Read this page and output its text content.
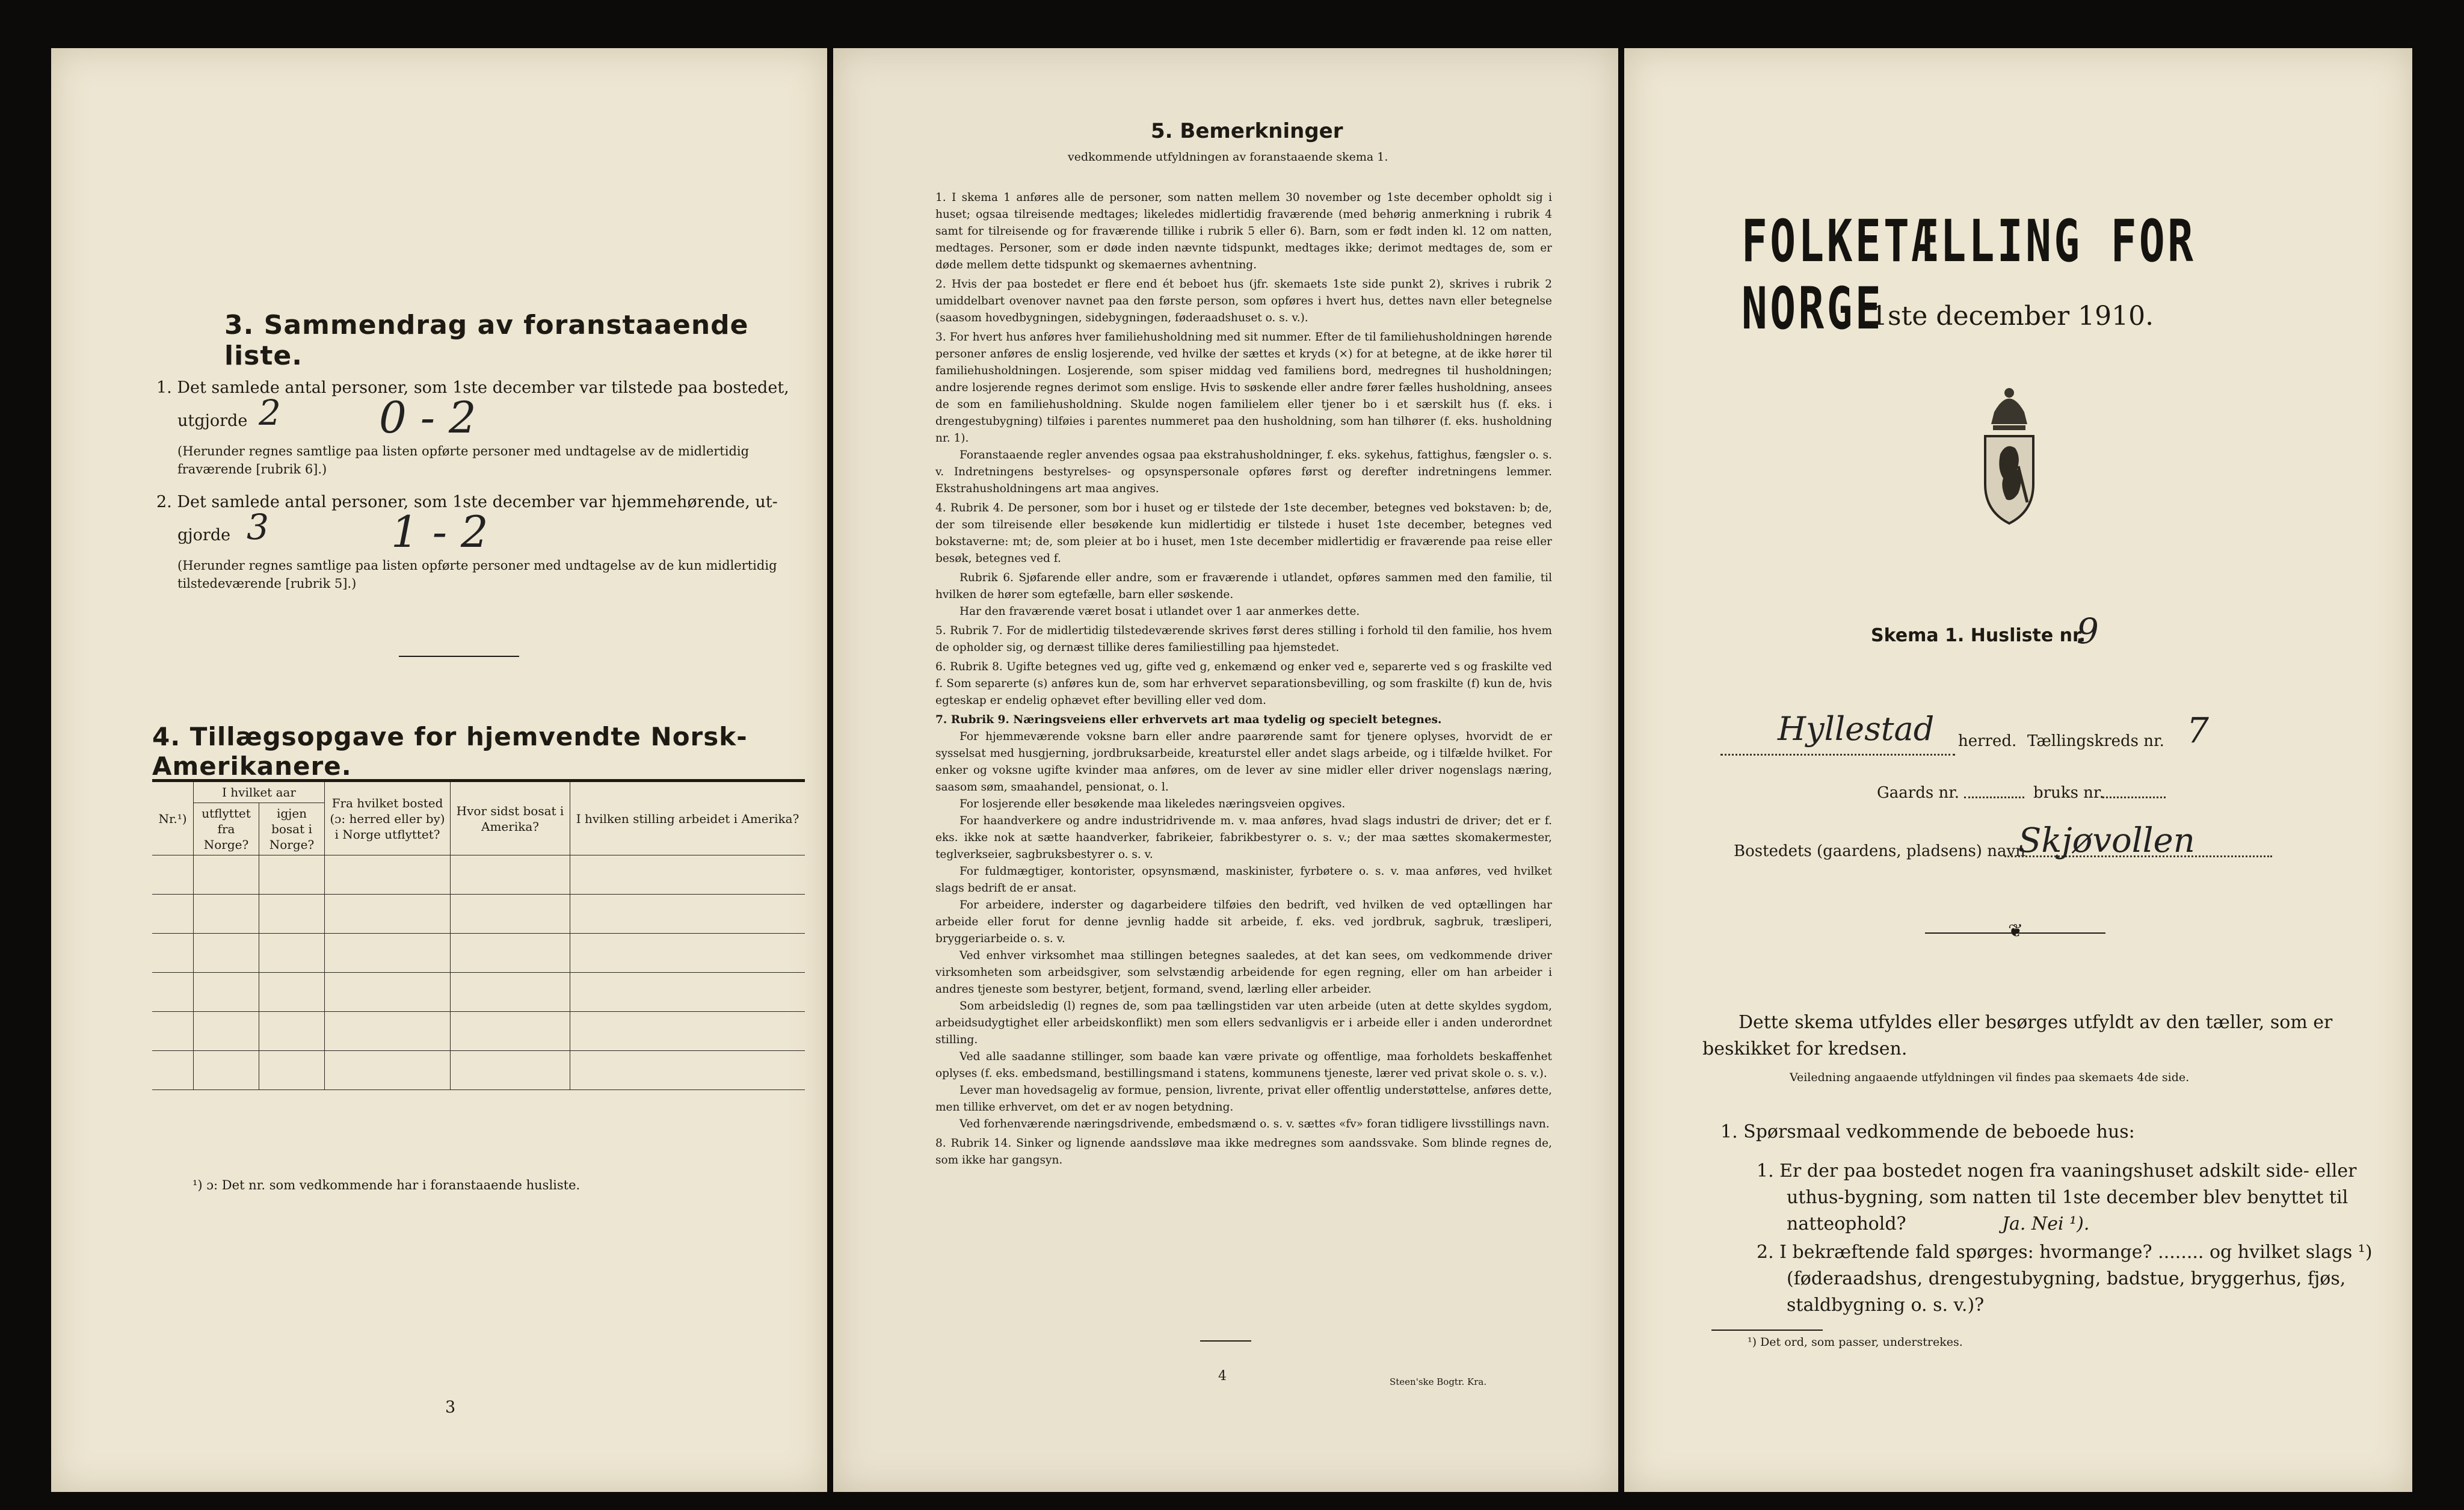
3. Sammendrag av foranstaaende liste.
1. Det samlede antal personer, som 1ste december var tilstede paa bostedet,
utgjorde 2 0 - 2
(Herunder regnes samtlige paa listen opførte personer med undtagelse av de midlertidig fraværende [rubrik 6].)
2. Det samlede antal personer, som 1ste december var hjemmehørende, ut-
gjorde 3	1 - 2
(Herunder regnes samtlige paa listen opførte personer med undtagelse av de kun midlertidig tilstedeværende [rubrik 5].)
4. Tillægsopgave for hjemvendte Norsk-Amerikanere.
Nr.¹)	I hvilket aar		Fra hvilket bosted (ɔ: herred eller by) i Norge utflyttet?	Hvor sidst bosat i Amerika?	I hvilken stilling arbeidet i Amerika?
	utflyttet fra Norge?	igjen bosat i Norge?			

¹) ɔ: Det nr. som vedkommende har i foranstaaende husliste.
3
5. Bemerkninger
vedkommende utfyldningen av foranstaaende skema 1.
1. I skema 1 anføres alle de personer, som natten mellem 30 november og 1ste december opholdt sig i huset; ogsaa tilreisende medtages; likeledes midlertidig fraværende (med behørig anmerkning i rubrik 4 samt for tilreisende og for fraværende tillike i rubrik 5 eller 6). Barn, som er født inden kl. 12 om natten, medtages. Personer, som er døde inden nævnte tidspunkt, medtages ikke; derimot medtages de, som er døde mellem dette tidspunkt og skemaernes avhentning.
2. Hvis der paa bostedet er flere end ét beboet hus (jfr. skemaets 1ste side punkt 2), skrives i rubrik 2 umiddelbart ovenover navnet paa den første person, som opføres i hvert hus, dettes navn eller betegnelse (saasom hovedbygningen, sidebygningen, føderaadshuset o. s. v.).
3. For hvert hus anføres hver familiehusholdning med sit nummer. Efter de til familiehusholdningen hørende personer anføres de enslig losjerende, ved hvilke der sættes et kryds (×) for at betegne, at de ikke hører til familiehusholdningen. Losjerende, som spiser middag ved familiens bord, medregnes til husholdningen; andre losjerende regnes derimot som enslige. Hvis to søskende eller andre fører fælles husholdning, ansees de som en familiehusholdning. Skulde nogen familielem eller tjener bo i et særskilt hus (f. eks. i drengestubygning) tilføies i parentes nummeret paa den husholdning, som han tilhører (f. eks. husholdning nr. 1).
Foranstaaende regler anvendes ogsaa paa ekstrahusholdninger, f. eks. sykehus, fattighus, fængsler o. s. v. Indretningens bestyrelses- og opsynspersonale opføres først og derefter indretningens lemmer. Ekstrahusholdningens art maa angives.
4. Rubrik 4. De personer, som bor i huset og er tilstede der 1ste december, betegnes ved bokstaven: b; de, der som tilreisende eller besøkende kun midlertidig er tilstede i huset 1ste december, betegnes ved bokstaverne: mt; de, som pleier at bo i huset, men 1ste december midlertidig er fraværende paa reise eller besøk, betegnes ved f.
Rubrik 6. Sjøfarende eller andre, som er fraværende i utlandet, opføres sammen med den familie, til hvilken de hører som egtefælle, barn eller søskende.
Har den fraværende været bosat i utlandet over 1 aar anmerkes dette.
5. Rubrik 7. For de midlertidig tilstedeværende skrives først deres stilling i forhold til den familie, hos hvem de opholder sig, og dernæst tillike deres familiestilling paa hjemstedet.
6. Rubrik 8. Ugifte betegnes ved ug, gifte ved g, enkemænd og enker ved e, separerte ved s og fraskilte ved f. Som separerte (s) anføres kun de, som har erhvervet separationsbevilling, og som fraskilte (f) kun de, hvis egteskap er endelig ophævet efter bevilling eller ved dom.
7. Rubrik 9. Næringsveiens eller erhvervets art maa tydelig og specielt betegnes.
For hjemmeværende voksne barn eller andre paarørende samt for tjenere oplyses, hvorvidt de er sysselsat med husgjerning, jordbruksarbeide, kreaturstel eller andet slags arbeide, og i tilfælde hvilket. For enker og voksne ugifte kvinder maa anføres, om de lever av sine midler eller driver nogenslags næring, saasom søm, smaahandel, pensionat, o. l.
For losjerende eller besøkende maa likeledes næringsveien opgives.
For haandverkere og andre industridrivende m. v. maa anføres, hvad slags industri de driver; det er f. eks. ikke nok at sætte haandverker, fabrikeier, fabrikbestyrer o. s. v.; der maa sættes skomakermester, teglverkseier, sagbruksbestyrer o. s. v.
For fuldmægtiger, kontorister, opsynsmænd, maskinister, fyrbøtere o. s. v. maa anføres, ved hvilket slags bedrift de er ansat.
For arbeidere, inderster og dagarbeidere tilføies den bedrift, ved hvilken de ved optællingen har arbeide eller forut for denne jevnlig hadde sit arbeide, f. eks. ved jordbruk, sagbruk, træsliperi, bryggeriarbeide o. s. v.
Ved enhver virksomhet maa stillingen betegnes saaledes, at det kan sees, om vedkommende driver virksomheten som arbeidsgiver, som selvstændig arbeidende for egen regning, eller om han arbeider i andres tjeneste som bestyrer, betjent, formand, svend, lærling eller arbeider.
Som arbeidsledig (l) regnes de, som paa tællingstiden var uten arbeide (uten at dette skyldes sygdom, arbeidsudygtighet eller arbeidskonflikt) men som ellers sedvanligvis er i arbeide eller i anden underordnet stilling.
Ved alle saadanne stillinger, som baade kan være private og offentlige, maa forholdets beskaffenhet oplyses (f. eks. embedsmand, bestillingsmand i statens, kommunens tjeneste, lærer ved privat skole o. s. v.).
Lever man hovedsagelig av formue, pension, livrente, privat eller offentlig understøttelse, anføres dette, men tillike erhvervet, om det er av nogen betydning.
Ved forhenværende næringsdrivende, embedsmænd o. s. v. sættes «fv» foran tidligere livsstillings navn.
8. Rubrik 14. Sinker og lignende aandssløve maa ikke medregnes som aandssvake. Som blinde regnes de, som ikke har gangsyn.
4	Steen'ske Bogtr. Kra.
FOLKETÆLLING FOR NORGE
1ste december 1910.
Skema 1. Husliste nr.
9
Hyllestad herred. Tællingskreds nr. 7
Gaards nr.	bruks nr.
Bostedets (gaardens, pladsens) navn
Skjøvollen
❦
Dette skema utfyldes eller besørges utfyldt av den tæller, som er beskikket for kredsen.
Veiledning angaaende utfyldningen vil findes paa skemaets 4de side.
1. Spørsmaal vedkommende de beboede hus:
1. Er der paa bostedet nogen fra vaaningshuset adskilt side- eller uthus-bygning, som natten til 1ste december blev benyttet til natteophold?	Ja. Nei ¹).
2. I bekræftende fald spørges: hvormange? ........ og hvilket slags ¹) (føderaadshus, drengestubygning, badstue, bryggerhus, fjøs, staldbygning o. s. v.)?
¹) Det ord, som passer, understrekes.
